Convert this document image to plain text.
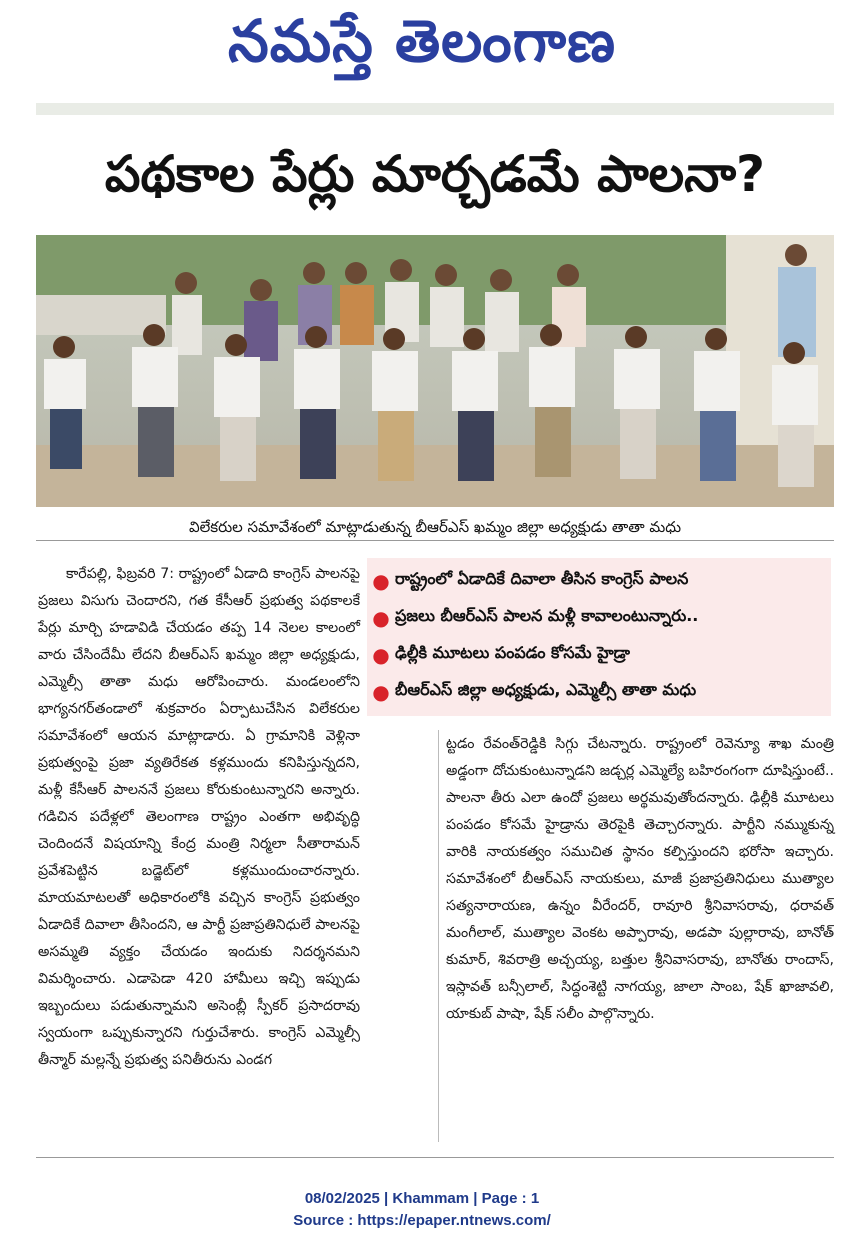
నమస్తే తెలంగాణ
పథకాల పేర్లు మార్చడమే పాలనా?
విలేకరుల సమావేశంలో మాట్లాడుతున్న బీఆర్ఎస్ ఖమ్మం జిల్లా అధ్యక్షుడు తాతా మధు
● రాష్ట్రంలో ఏడాదికే దివాలా తీసిన కాంగ్రెస్ పాలన
● ప్రజలు బీఆర్ఎస్ పాలన మళ్లీ కావాలంటున్నారు..
● ఢిల్లీకి మూటలు పంపడం కోసమే హైడ్రా
● బీఆర్ఎస్ జిల్లా అధ్యక్షుడు, ఎమ్మెల్సీ తాతా మధు

కారేపల్లి, ఫిబ్రవరి 7: రాష్ట్రంలో ఏడాది కాంగ్రెస్ పాలనపై ప్రజలు విసుగు చెందారని, గత కేసీఆర్ ప్రభుత్వ పథకాలకే పేర్లు మార్చి హడావిడి చేయడం తప్ప 14 నెలల కాలంలో వారు చేసిందేమీ లేదని బీఆర్ఎస్ ఖమ్మం జిల్లా అధ్యక్షుడు, ఎమ్మెల్సీ తాతా మధు ఆరోపించారు. మండలంలోని భాగ్యనగర్‌తండాలో శుక్రవారం ఏర్పాటుచేసిన విలేకరుల సమావేశంలో ఆయన మాట్లాడారు. ఏ గ్రామానికి వెళ్లినా ప్రభుత్వంపై ప్రజా వ్యతిరేకత కళ్లముందు కనిపిస్తున్నదని, మళ్లీ కేసీఆర్ పాలననే ప్రజలు కోరుకుంటున్నారని అన్నారు. గడిచిన పదేళ్లలో తెలంగాణ రాష్ట్రం ఎంతగా అభివృద్ధి చెందిందనే విషయాన్ని కేంద్ర మంత్రి నిర్మలా సీతారామన్ ప్రవేశపెట్టిన బడ్జెట్‌లో కళ్లముందుంచారన్నారు. మాయమాటలతో అధికారంలోకి వచ్చిన కాంగ్రెస్ ప్రభుత్వం ఏడాదికే దివాలా తీసిందని, ఆ పార్టీ ప్రజాప్రతినిధులే పాలనపై అసమ్మతి వ్యక్తం చేయడం ఇందుకు నిదర్శనమని విమర్శించారు. ఎడాపెడా 420 హామీలు ఇచ్చి ఇప్పుడు ఇబ్బందులు పడుతున్నామని అసెంబ్లీ స్పీకర్ ప్రసాదరావు స్వయంగా ఒప్పుకున్నారని గుర్తుచేశారు. కాంగ్రెస్ ఎమ్మెల్సీ తీన్మార్ మల్లన్నే ప్రభుత్వ పనితీరును ఎండగ

ట్టడం రేవంత్‌రెడ్డికి సిగ్గు చేటన్నారు. రాష్ట్రంలో రెవెన్యూ శాఖ మంత్రి అడ్డంగా దోచుకుంటున్నాడని జడ్చర్ల ఎమ్మెల్యే బహిరంగంగా దూషిస్తుంటే.. పాలనా తీరు ఎలా ఉందో ప్రజలు అర్థమవుతోందన్నారు. ఢిల్లీకి మూటలు పంపడం కోసమే హైడ్రాను తెరపైకి తెచ్చారన్నారు. పార్టీని నమ్ముకున్న వారికి నాయకత్వం సముచిత స్థానం కల్పిస్తుందని భరోసా ఇచ్చారు. సమావేశంలో బీఆర్ఎస్ నాయకులు, మాజీ ప్రజాప్రతినిధులు ముత్యాల సత్యనారాయణ, ఉన్నం వీరేందర్, రావూరి శ్రీనివాసరావు, ధరావత్ మంగీలాల్, ముత్యాల వెంకట అప్పారావు, అడపా పుల్లారావు, బానోత్ కుమార్, శివరాత్రి అచ్చయ్య, బత్తుల శ్రీనివాసరావు, బానోతు రాందాస్, ఇస్లావత్ బన్సీలాల్, సిద్ధంశెట్టి నాగయ్య, జాలా సాంబ, షేక్ ఖాజావలి, యాకుబ్ పాషా, షేక్ సలీం పాల్గొన్నారు.

08/02/2025 | Khammam | Page : 1
Source : https://epaper.ntnews.com/
